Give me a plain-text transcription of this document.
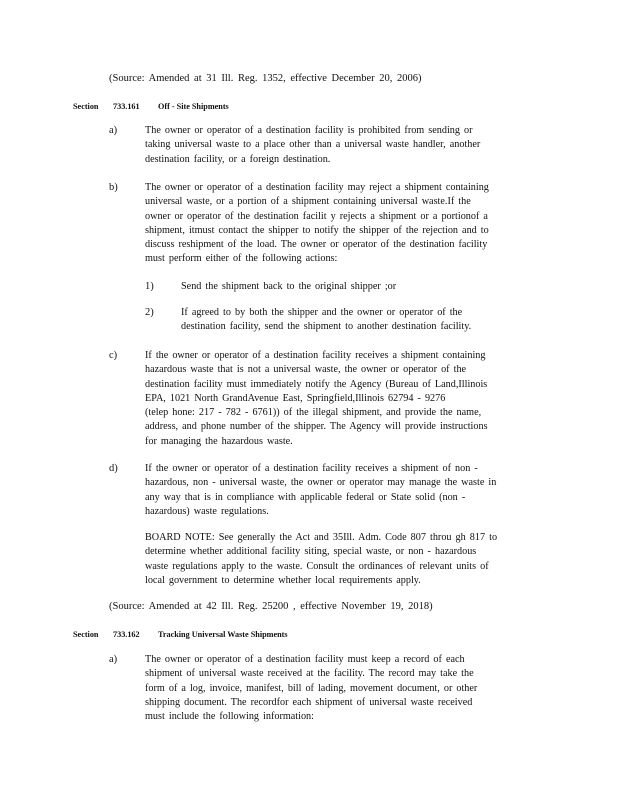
(Source: Amended at 31 Ill. Reg. 1352, effective December 20, 2006)
Section 733.161 Off - Site Shipments
a)	The owner or operator of a destination facility is prohibited from sending or

taking universal waste to a place other than a universal waste handler, another

destination facility, or a foreign destination.

b)	The owner or operator of a destination facility may reject a shipment containing

universal waste, or a portion of a shipment containing universal waste.If the

owner or operator of the destination facilit y rejects a shipment or a portionof a

shipment, itmust contact the shipper to notify the shipper of the rejection and to

discuss reshipment of the load. The owner or operator of the destination facility

must perform either of the following actions:

1)	Send the shipment back to the original shipper ;or

2)	If agreed to by both the shipper and the owner or operator of the

destination facility, send the shipment to another destination facility.

c)	If the owner or operator of a destination facility receives a shipment containing

hazardous waste that is not a universal waste, the owner or operator of the

destination facility must immediately notify the Agency (Bureau of Land,Illinois

EPA, 1021 North GrandAvenue East, Springfield,Illinois 62794 - 9276

(telep hone: 217 - 782 - 6761)) of the illegal shipment, and provide the name,

address, and phone number of the shipper. The Agency will provide instructions

for managing the hazardous waste.

d)	If the owner or operator of a destination facility receives a shipment of non -

hazardous, non - universal waste, the owner or operator may manage the waste in

any way that is in compliance with applicable federal or State solid (non -

hazardous) waste regulations.

BOARD NOTE: See generally the Act and 35Ill. Adm. Code 807 throu gh 817 to

determine whether additional facility siting, special waste, or non - hazardous

waste regulations apply to the waste. Consult the ordinances of relevant units of

local government to determine whether local requirements apply.

(Source: Amended at 42 Ill. Reg. 25200 , effective November 19, 2018)
Section 733.162 Tracking Universal Waste Shipments
a)	The owner or operator of a destination facility must keep a record of each

shipment of universal waste received at the facility. The record may take the

form of a log, invoice, manifest, bill of lading, movement document, or other

shipping document. The recordfor each shipment of universal waste received

must include the following information:
